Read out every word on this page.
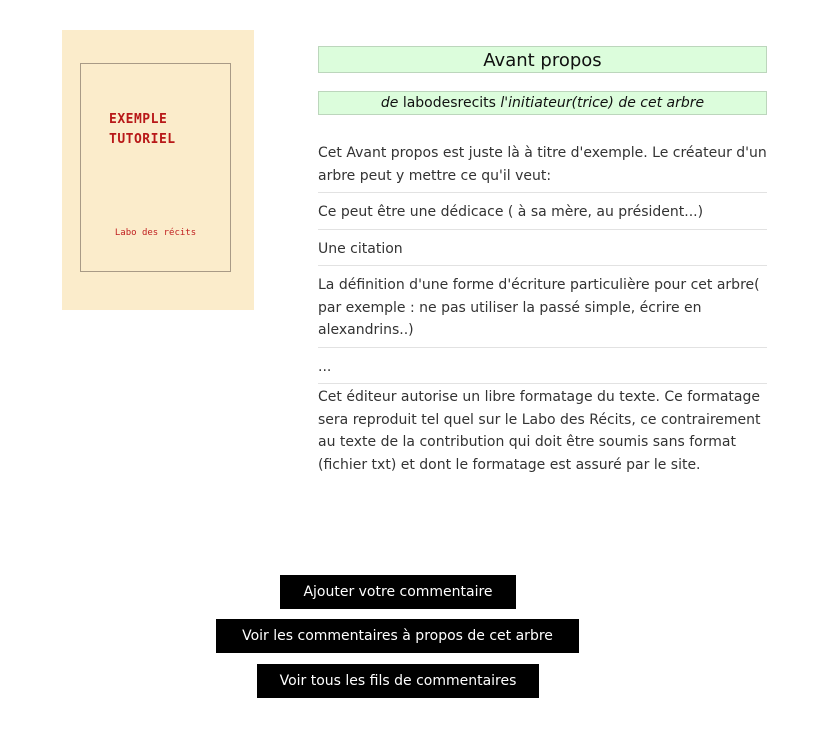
EXEMPLE
TUTORIEL

Labo des récits
Avant propos
de labodesrecits l'initiateur(trice) de cet arbre

Cet Avant propos est juste là à titre d'exemple. Le créateur d'un arbre peut y mettre ce qu'il veut:

Ce peut être une dédicace ( à sa mère, au président...)

Une citation

La définition d'une forme d'écriture particulière pour cet arbre( par exemple : ne pas utiliser la passé simple, écrire en alexandrins..)

...

Cet éditeur autorise un libre formatage du texte. Ce formatage sera reproduit tel quel sur le Labo des Récits, ce contrairement au texte de la contribution qui doit être soumis sans format (fichier txt) et dont le formatage est assuré par le site.

Ajouter votre commentaire
Voir les commentaires à propos de cet arbre
Voir tous les fils de commentaires
